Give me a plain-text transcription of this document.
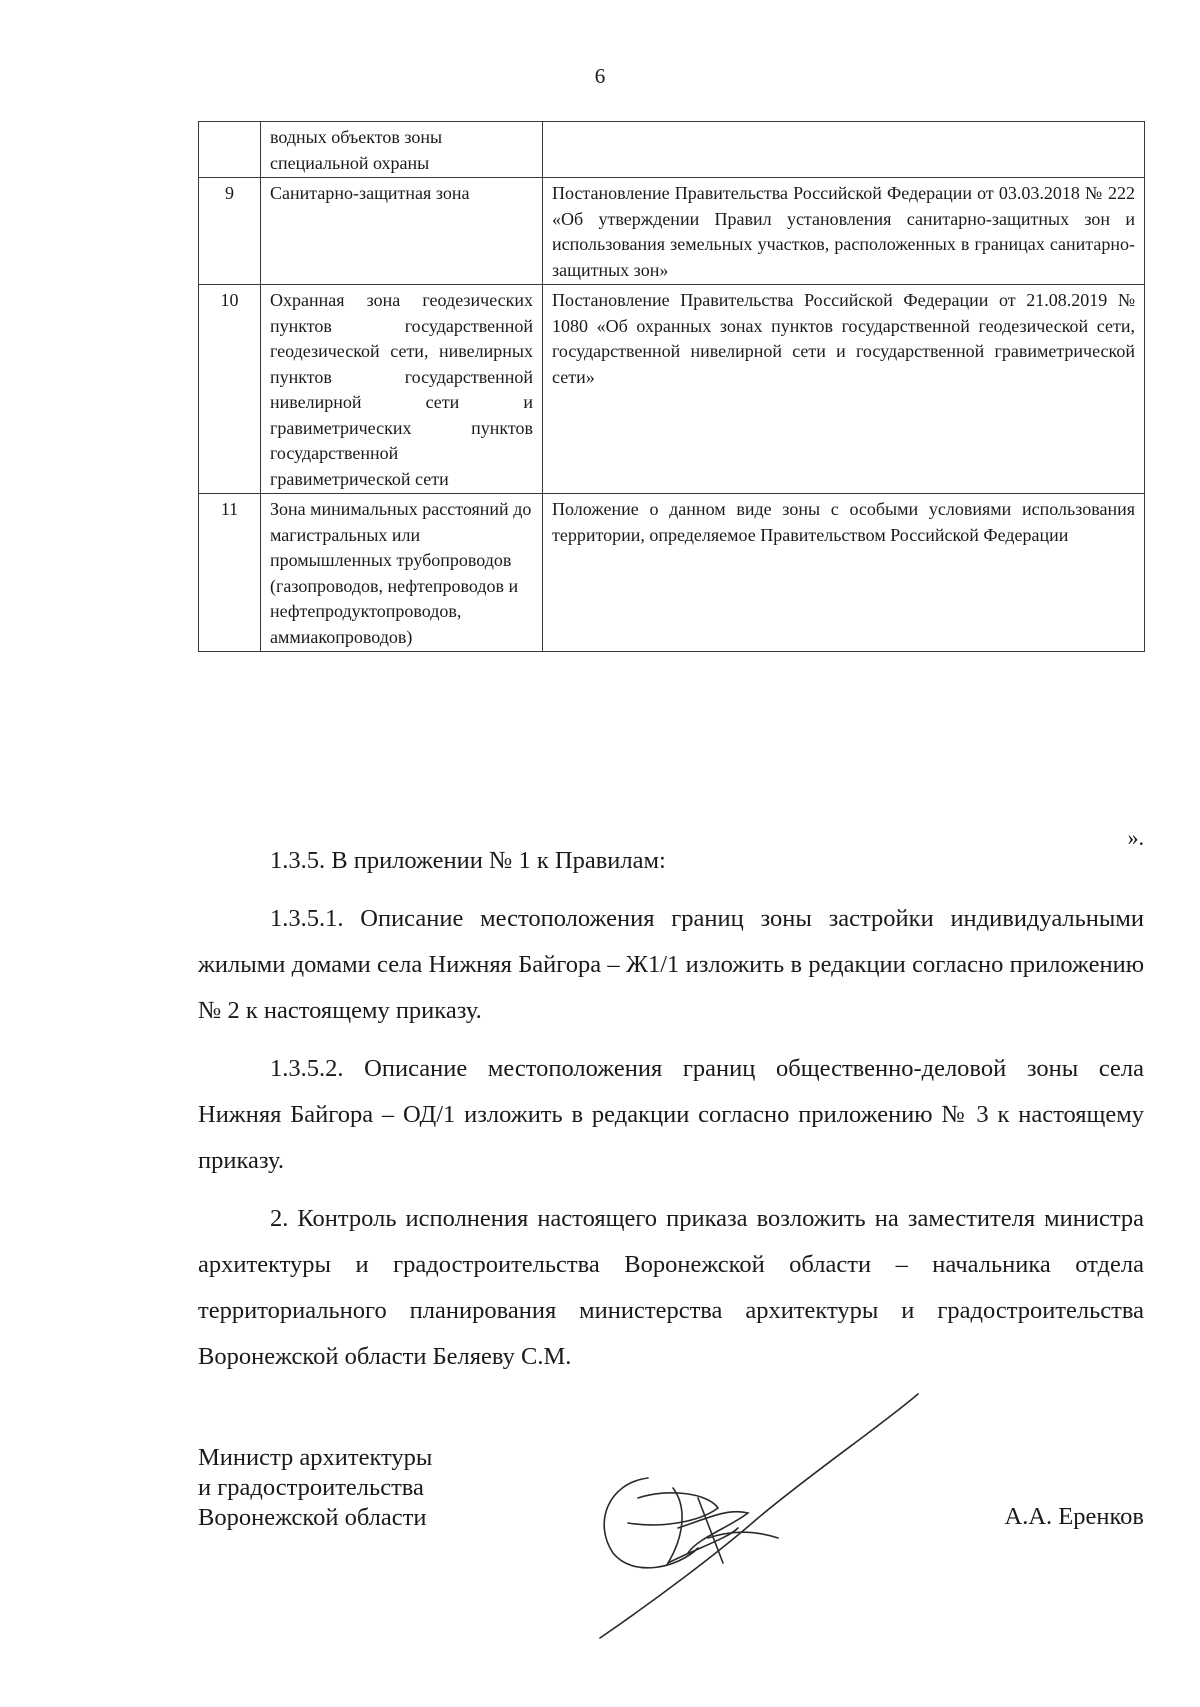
6
	водных объектов зоны специальной охраны	
9	Санитарно-защитная зона	Постановление Правительства Российской Федерации от 03.03.2018 № 222 «Об утверждении Правил установления санитарно-защитных зон и использования земельных участков, расположенных в границах санитарно-защитных зон»
10	Охранная зона геодезических пунктов государственной геодезической сети, нивелирных пунктов государственной нивелирной сети и гравиметрических пунктов государственной гравиметрической сети	Постановление Правительства Российской Федерации от 21.08.2019 № 1080 «Об охранных зонах пунктов государственной геодезической сети, государственной нивелирной сети и государственной гравиметрической сети»
11	Зона минимальных расстояний до магистральных или промышленных трубопроводов (газопроводов, нефтепроводов и нефтепродуктопроводов, аммиакопроводов)	Положение о данном виде зоны с особыми условиями использования территории, определяемое Правительством Российской Федерации
».

1.3.5. В приложении № 1 к Правилам:

1.3.5.1. Описание местоположения границ зоны застройки индивидуальными жилыми домами села Нижняя Байгора – Ж1/1 изложить в редакции согласно приложению № 2 к настоящему приказу.

1.3.5.2. Описание местоположения границ общественно-деловой зоны села Нижняя Байгора – ОД/1 изложить в редакции согласно приложению № 3 к настоящему приказу.

2. Контроль исполнения настоящего приказа возложить на заместителя министра архитектуры и градостроительства Воронежской области – начальника отдела территориального планирования министерства архитектуры и градостроительства Воронежской области Беляеву С.М.

Министр архитектуры
и градостроительства
Воронежской области	А.А. Еренков
